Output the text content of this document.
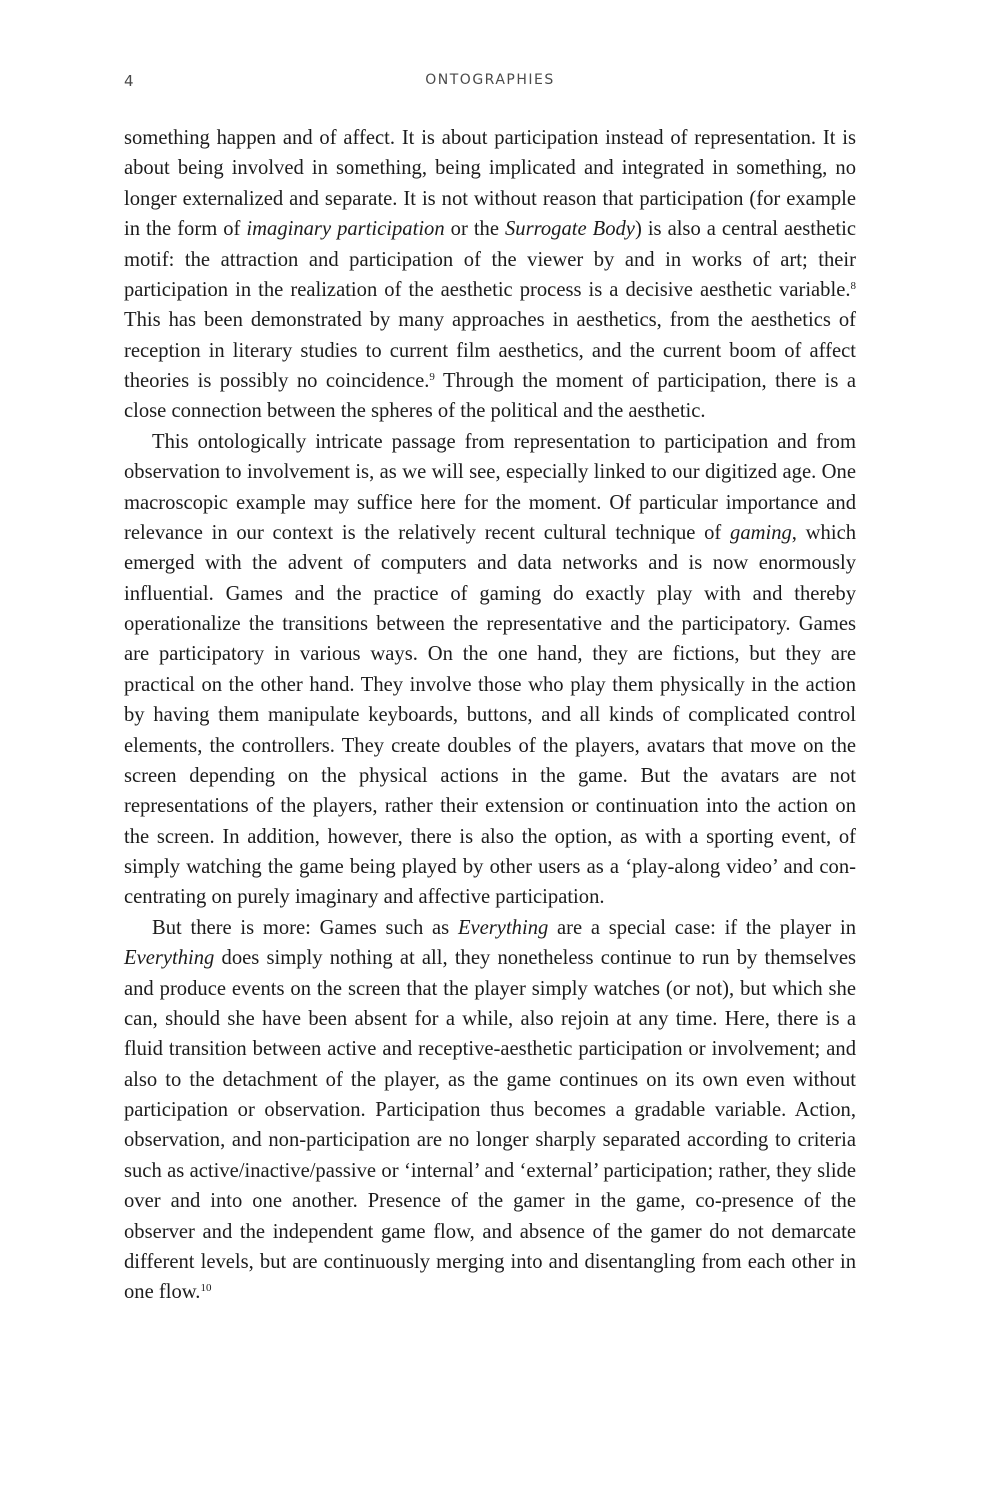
4	ONTOGRAPHIES

something happen and of affect. It is about participation instead of representation. It is about being involved in something, being implicated and integrated in something, no longer externalized and separate. It is not without reason that participation (for example in the form of imaginary participation or the Surrogate Body) is also a central aesthetic motif: the attraction and participation of the viewer by and in works of art; their participation in the realization of the aesthetic process is a decisive aesthetic variable.$^8$ This has been demonstrated by many approaches in aesthetics, from the aesthetics of reception in literary studies to current film aesthetics, and the current boom of affect theories is possibly no coincidence.$^9$ Through the moment of participation, there is a close connection between the spheres of the political and the aesthetic.

This ontologically intricate passage from representation to participation and from observation to involvement is, as we will see, especially linked to our digitized age. One macroscopic example may suffice here for the moment. Of particular importance and relevance in our context is the relatively recent cultural technique of gaming, which emerged with the advent of computers and data networks and is now enormously influential. Games and the practice of gaming do exactly play with and thereby operationalize the transitions between the representative and the participatory. Games are participatory in various ways. On the one hand, they are fictions, but they are practical on the other hand. They involve those who play them physically in the action by having them manipulate keyboards, buttons, and all kinds of complicated control elements, the controllers. They create doubles of the players, avatars that move on the screen depending on the physical actions in the game. But the avatars are not representations of the players, rather their extension or continuation into the action on the screen. In addition, however, there is also the option, as with a sporting event, of simply watching the game being played by other users as a ‘play-along video’ and concentrating on purely imaginary and affective participation.

But there is more: Games such as Everything are a special case: if the player in Everything does simply nothing at all, they nonetheless continue to run by themselves and produce events on the screen that the player simply watches (or not), but which she can, should she have been absent for a while, also rejoin at any time. Here, there is a fluid transition between active and receptive-aesthetic participation or involvement; and also to the detachment of the player, as the game continues on its own even without participation or observation. Participation thus becomes a gradable variable. Action, observation, and non-participation are no longer sharply separated according to criteria such as active/inactive/passive or ‘internal’ and ‘external’ participation; rather, they slide over and into one another. Presence of the gamer in the game, co-presence of the observer and the independent game flow, and absence of the gamer do not demarcate different levels, but are continuously merging into and disentangling from each other in one flow.$^{10}$
